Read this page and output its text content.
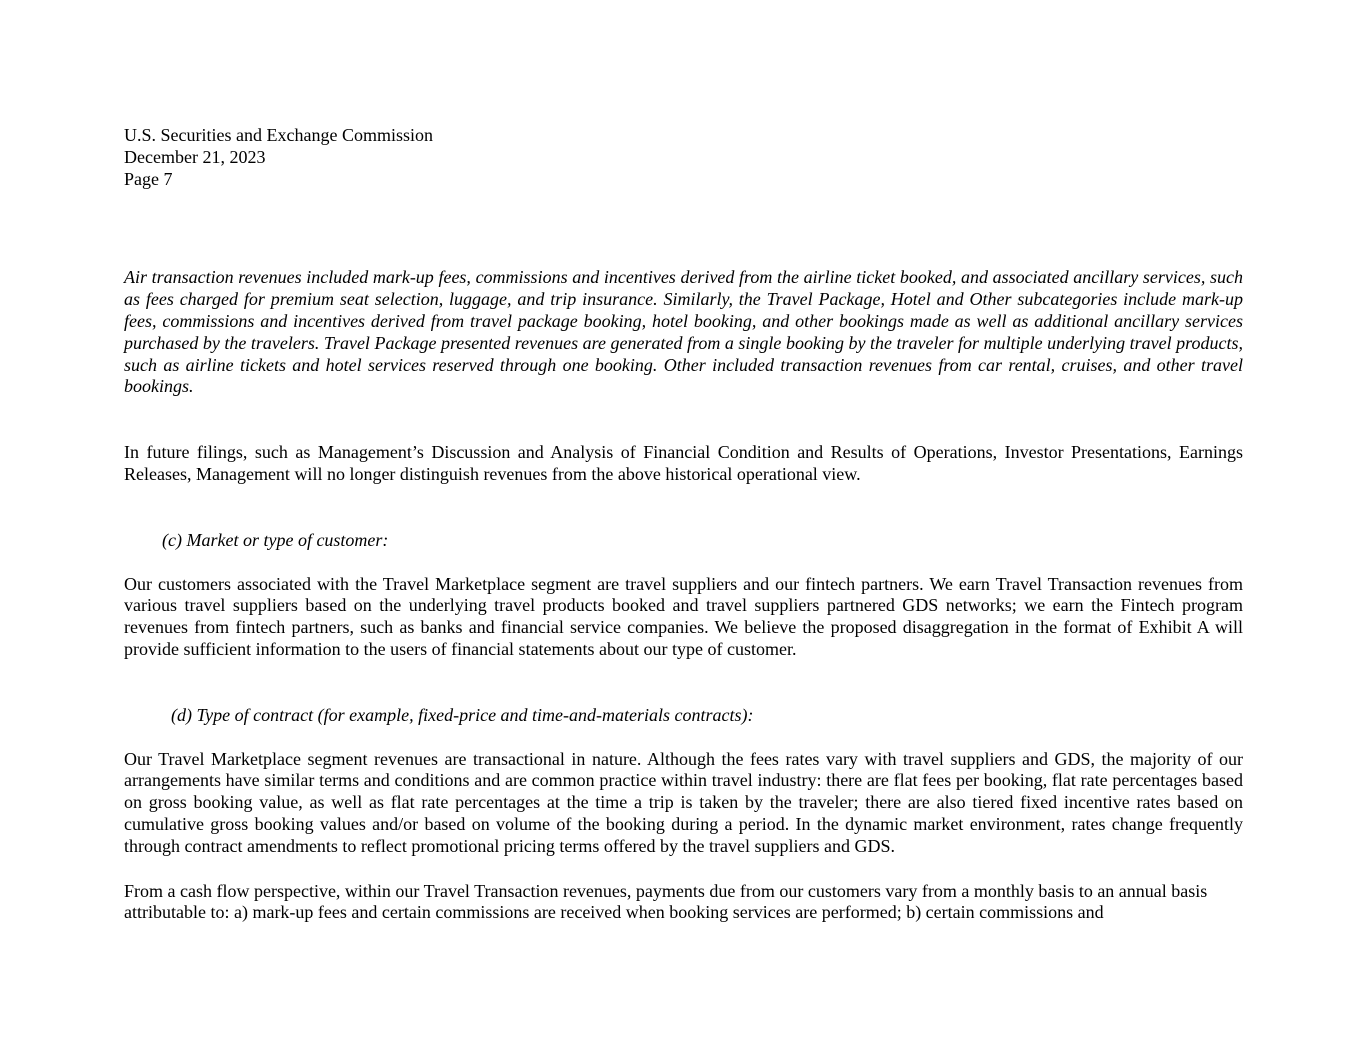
U.S. Securities and Exchange Commission
December 21, 2023
Page 7

Air transaction revenues included mark-up fees, commissions and incentives derived from the airline ticket booked, and associated ancillary services, such as fees charged for premium seat selection, luggage, and trip insurance. Similarly, the Travel Package, Hotel and Other subcategories include mark-up fees, commissions and incentives derived from travel package booking, hotel booking, and other bookings made as well as additional ancillary services purchased by the travelers. Travel Package presented revenues are generated from a single booking by the traveler for multiple underlying travel products, such as airline tickets and hotel services reserved through one booking. Other included transaction revenues from car rental, cruises, and other travel bookings.

In future filings, such as Management’s Discussion and Analysis of Financial Condition and Results of Operations, Investor Presentations, Earnings Releases, Management will no longer distinguish revenues from the above historical operational view.

(c) Market or type of customer:

Our customers associated with the Travel Marketplace segment are travel suppliers and our fintech partners. We earn Travel Transaction revenues from various travel suppliers based on the underlying travel products booked and travel suppliers partnered GDS networks; we earn the Fintech program revenues from fintech partners, such as banks and financial service companies. We believe the proposed disaggregation in the format of Exhibit A will provide sufficient information to the users of financial statements about our type of customer.

(d) Type of contract (for example, fixed-price and time-and-materials contracts):

Our Travel Marketplace segment revenues are transactional in nature. Although the fees rates vary with travel suppliers and GDS, the majority of our arrangements have similar terms and conditions and are common practice within travel industry: there are flat fees per booking, flat rate percentages based on gross booking value, as well as flat rate percentages at the time a trip is taken by the traveler; there are also tiered fixed incentive rates based on cumulative gross booking values and/or based on volume of the booking during a period. In the dynamic market environment, rates change frequently through contract amendments to reflect promotional pricing terms offered by the travel suppliers and GDS.

From a cash flow perspective, within our Travel Transaction revenues, payments due from our customers vary from a monthly basis to an annual basis attributable to: a) mark-up fees and certain commissions are received when booking services are performed; b) certain commissions and
